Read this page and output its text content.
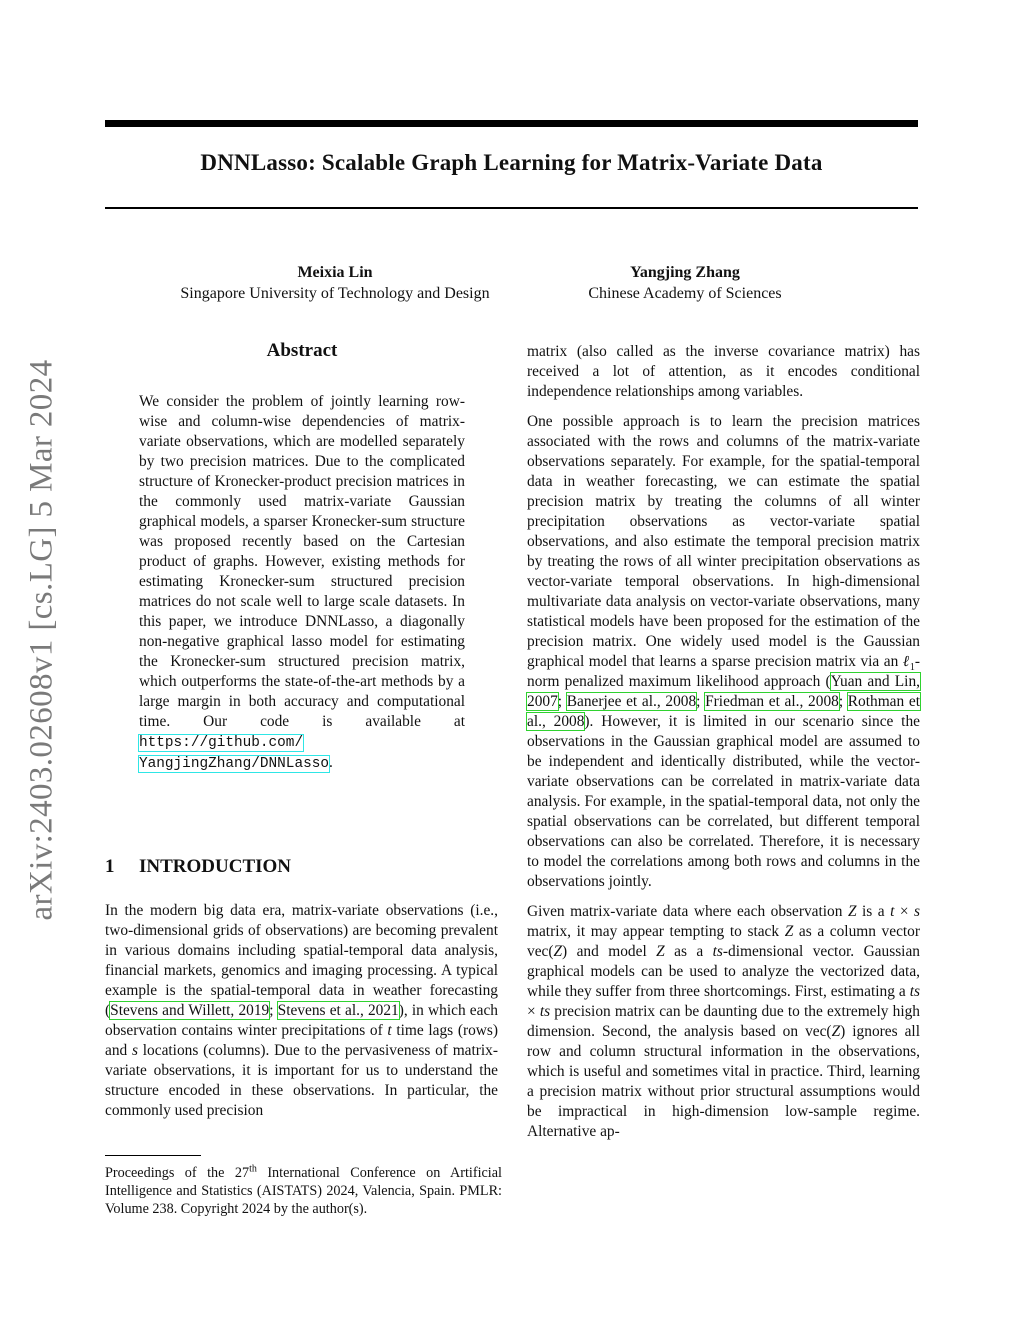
DNNLasso: Scalable Graph Learning for Matrix-Variate Data
Meixia Lin
Singapore University of Technology and Design
Yangjing Zhang
Chinese Academy of Sciences
arXiv:2403.02608v1 [cs.LG] 5 Mar 2024
Abstract
We consider the problem of jointly learning row-wise and column-wise dependencies of matrix-variate observations, which are modelled separately by two precision matrices. Due to the complicated structure of Kronecker-product precision matrices in the commonly used matrix-variate Gaussian graphical models, a sparser Kronecker-sum structure was proposed recently based on the Cartesian product of graphs. However, existing methods for estimating Kronecker-sum structured precision matrices do not scale well to large scale datasets. In this paper, we introduce DNNLasso, a diagonally non-negative graphical lasso model for estimating the Kronecker-sum structured precision matrix, which outperforms the state-of-the-art methods by a large margin in both accuracy and computational time. Our code is available at https://github.com/ YangjingZhang/DNNLasso.
1 INTRODUCTION

In the modern big data era, matrix-variate observations (i.e., two-dimensional grids of observations) are becoming prevalent in various domains including spatial-temporal data analysis, financial markets, genomics and imaging processing. A typical example is the spatial-temporal data in weather forecasting (Stevens and Willett, 2019; Stevens et al., 2021), in which each observation contains winter precipitations of t time lags (rows) and s locations (columns). Due to the pervasiveness of matrix-variate observations, it is important for us to understand the structure encoded in these observations. In particular, the commonly used precision

Proceedings of the 27th International Conference on Artificial Intelligence and Statistics (AISTATS) 2024, Valencia, Spain. PMLR: Volume 238. Copyright 2024 by the author(s).

matrix (also called as the inverse covariance matrix) has received a lot of attention, as it encodes conditional independence relationships among variables.

One possible approach is to learn the precision matrices associated with the rows and columns of the matrix-variate observations separately. For example, for the spatial-temporal data in weather forecasting, we can estimate the spatial precision matrix by treating the columns of all winter precipitation observations as vector-variate spatial observations, and also estimate the temporal precision matrix by treating the rows of all winter precipitation observations as vector-variate temporal observations. In high-dimensional multivariate data analysis on vector-variate observations, many statistical models have been proposed for the estimation of the precision matrix. One widely used model is the Gaussian graphical model that learns a sparse precision matrix via an ℓ$_1$-norm penalized maximum likelihood approach (Yuan and Lin, 2007; Banerjee et al., 2008; Friedman et al., 2008; Rothman et al., 2008). However, it is limited in our scenario since the observations in the Gaussian graphical model are assumed to be independent and identically distributed, while the vector-variate observations can be correlated in matrix-variate data analysis. For example, in the spatial-temporal data, not only the spatial observations can be correlated, but different temporal observations can also be correlated. Therefore, it is necessary to model the correlations among both rows and columns in the observations jointly.

Given matrix-variate data where each observation Z is a t × s matrix, it may appear tempting to stack Z as a column vector vec(Z) and model Z as a ts-dimensional vector. Gaussian graphical models can be used to analyze the vectorized data, while they suffer from three shortcomings. First, estimating a ts × ts precision matrix can be daunting due to the extremely high dimension. Second, the analysis based on vec(Z) ignores all row and column structural information in the observations, which is useful and sometimes vital in practice. Third, learning a precision matrix without prior structural assumptions would be impractical in high-dimension low-sample regime. Alternative ap-
